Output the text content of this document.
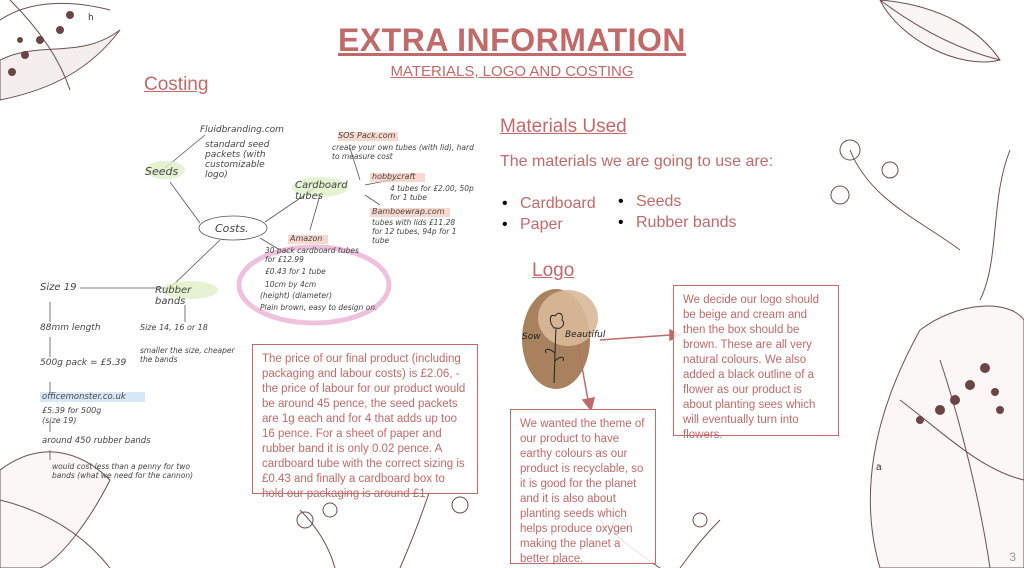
h
EXTRA INFORMATION
MATERIALS, LOGO AND COSTING
Costing
Seeds
Fluidbranding.com
standard seed packets (with customizable logo)
Costs.
Cardboard tubes
SOS Pack.com
create your own tubes (with lid), hard to measure cost
hobbycraft
4 tubes for £2.00, 50p for 1 tube
Bamboewrap.com
tubes with lids £11.28 for 12 tubes, 94p for 1 tube
Amazon
30 pack cardboard tubes for £12.99
£0.43 for 1 tube
10cm by 4cm
(height) (diameter)
Plain brown, easy to design on.
Rubber bands
Size 14, 16 or 18
smaller the size, cheaper the bands
Size 19
88mm length
500g pack = £5.39
officemonster.co.uk
£5.39 for 500g (size 19)
around 450 rubber bands
would cost less than a penny for two bands (what we need for the cannon)
The price of our final product (including packaging and labour costs) is £2.06, - the price of labour for our product would be around 45 pence, the seed packets are 1g each and for 4 that adds up too 16 pence. For a sheet of paper and rubber band it is only 0.02 pence. A cardboard tube with the correct sizing is £0.43 and finally a cardboard box to hold our packaging is around £1
Materials Used
The materials we are going to use are:
• Cardboard
• Paper
• Seeds
• Rubber bands
Logo
Sow	Beautiful
We decide our logo should be beige and cream and then the box should be brown. These are all very natural colours. We also added a black outline of a flower as our product is about planting sees which will eventually turn into flowers.
We wanted the theme of our product to have earthy colours as our product is recyclable, so it is good for the planet and it is also about planting seeds which helps produce oxygen making the planet a better place.
a
3
